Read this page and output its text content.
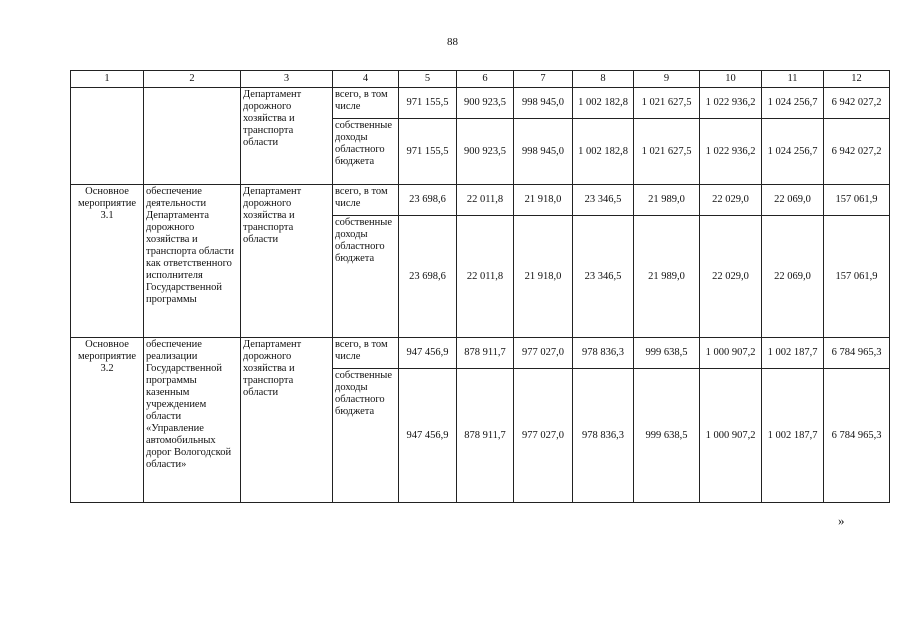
88
1	2	3	4	5	6	7	8	9	10	11	12
		Департамент дорожного хозяйства и транспорта области	всего, в том числе	971 155,5	900 923,5	998 945,0	1 002 182,8	1 021 627,5	1 022 936,2	1 024 256,7	6 942 027,2
			собственные доходы областного бюджета	971 155,5	900 923,5	998 945,0	1 002 182,8	1 021 627,5	1 022 936,2	1 024 256,7	6 942 027,2
Основное мероприятие 3.1	обеспечение деятельности Департамента дорожного хозяйства и транспорта области как ответственного исполнителя Государственной программы	Департамент дорожного хозяйства и транспорта области	всего, в том числе	23 698,6	22 011,8	21 918,0	23 346,5	21 989,0	22 029,0	22 069,0	157 061,9
			собственные доходы областного бюджета	23 698,6	22 011,8	21 918,0	23 346,5	21 989,0	22 029,0	22 069,0	157 061,9
Основное мероприятие 3.2	обеспечение реализации Государственной программы казенным учреждением области «Управление автомобильных дорог Вологодской области»	Департамент дорожного хозяйства и транспорта области	всего, в том числе	947 456,9	878 911,7	977 027,0	978 836,3	999 638,5	1 000 907,2	1 002 187,7	6 784 965,3
			собственные доходы областного бюджета	947 456,9	878 911,7	977 027,0	978 836,3	999 638,5	1 000 907,2	1 002 187,7	6 784 965,3
»
